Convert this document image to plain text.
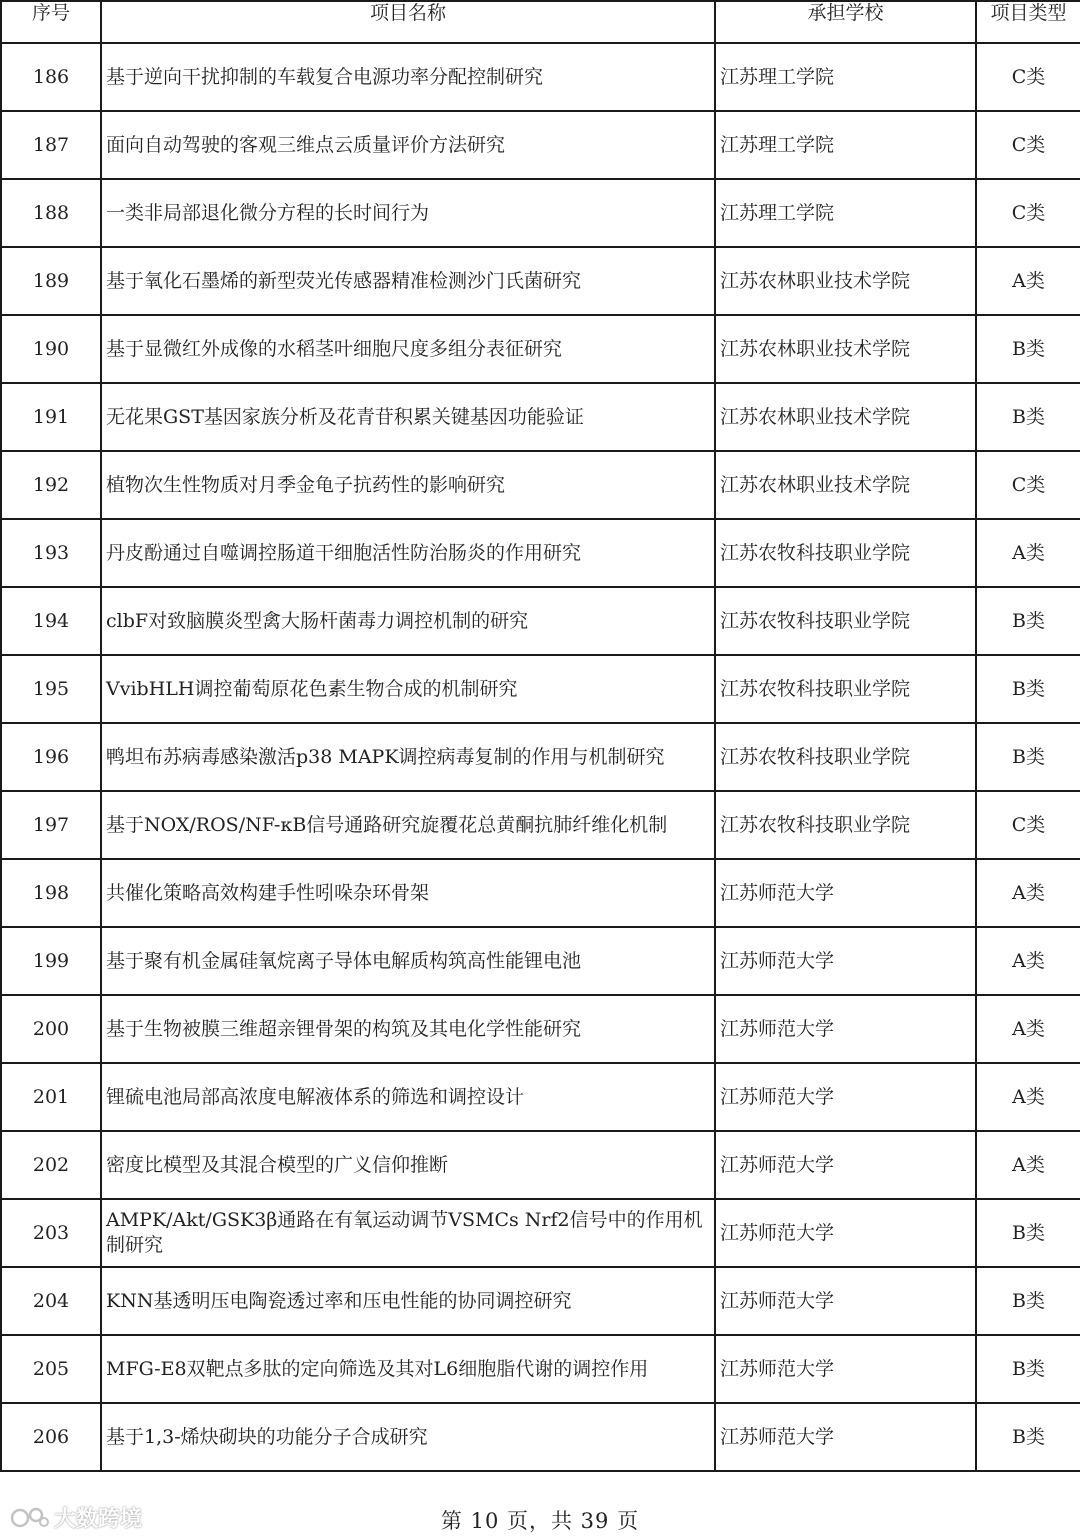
序号	项目名称	承担学校	项目类型
186	基于逆向干扰抑制的车载复合电源功率分配控制研究	江苏理工学院	C类
187	面向自动驾驶的客观三维点云质量评价方法研究	江苏理工学院	C类
188	一类非局部退化微分方程的长时间行为	江苏理工学院	C类
189	基于氧化石墨烯的新型荧光传感器精准检测沙门氏菌研究	江苏农林职业技术学院	A类
190	基于显微红外成像的水稻茎叶细胞尺度多组分表征研究	江苏农林职业技术学院	B类
191	无花果GST基因家族分析及花青苷积累关键基因功能验证	江苏农林职业技术学院	B类
192	植物次生性物质对月季金龟子抗药性的影响研究	江苏农林职业技术学院	C类
193	丹皮酚通过自噬调控肠道干细胞活性防治肠炎的作用研究	江苏农牧科技职业学院	A类
194	clbF对致脑膜炎型禽大肠杆菌毒力调控机制的研究	江苏农牧科技职业学院	B类
195	VvibHLH调控葡萄原花色素生物合成的机制研究	江苏农牧科技职业学院	B类
196	鸭坦布苏病毒感染激活p38 MAPK调控病毒复制的作用与机制研究	江苏农牧科技职业学院	B类
197	基于NOX/ROS/NF-κB信号通路研究旋覆花总黄酮抗肺纤维化机制	江苏农牧科技职业学院	C类
198	共催化策略高效构建手性吲哚杂环骨架	江苏师范大学	A类
199	基于聚有机金属硅氧烷离子导体电解质构筑高性能锂电池	江苏师范大学	A类
200	基于生物被膜三维超亲锂骨架的构筑及其电化学性能研究	江苏师范大学	A类
201	锂硫电池局部高浓度电解液体系的筛选和调控设计	江苏师范大学	A类
202	密度比模型及其混合模型的广义信仰推断	江苏师范大学	A类
203	AMPK/Akt/GSK3β通路在有氧运动调节VSMCs Nrf2信号中的作用机制研究	江苏师范大学	B类
204	KNN基透明压电陶瓷透过率和压电性能的协同调控研究	江苏师范大学	B类
205	MFG-E8双靶点多肽的定向筛选及其对L6细胞脂代谢的调控作用	江苏师范大学	B类
206	基于1,3-烯炔砌块的功能分子合成研究	江苏师范大学	B类
大数跨境	第 10 页，共 39 页
